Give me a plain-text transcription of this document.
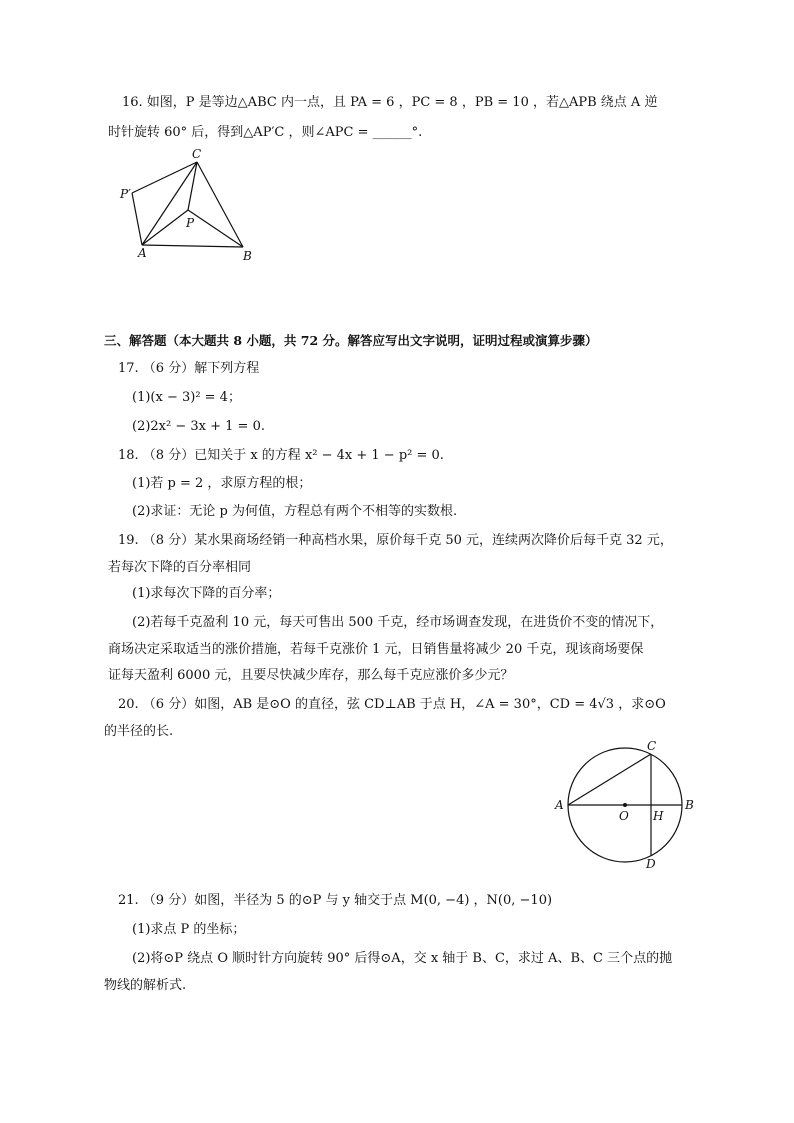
16. 如图，P 是等边△ABC 内一点，且 PA = 6 ，PC = 8 ，PB = 10 ，若△APB 绕点 A 逆
时针旋转 60° 后，得到△AP′C ，则∠APC = ______°.
C
P′
P
A	B
三、解答题（本大题共 8 小题，共 72 分。解答应写出文字说明，证明过程或演算步骤）
17. （6 分）解下列方程
(1)(x − 3)² = 4；
(2)2x² − 3x + 1 = 0.
18. （8 分）已知关于 x 的方程 x² − 4x + 1 − p² = 0.
(1)若 p = 2 ，求原方程的根；
(2)求证：无论 p 为何值，方程总有两个不相等的实数根.
19. （8 分）某水果商场经销一种高档水果，原价每千克 50 元，连续两次降价后每千克 32 元，
若每次下降的百分率相同
(1)求每次下降的百分率；
(2)若每千克盈利 10 元，每天可售出 500 千克，经市场调查发现，在进货价不变的情况下，
商场决定采取适当的涨价措施，若每千克涨价 1 元，日销售量将减少 20 千克，现该商场要保
证每天盈利 6000 元，且要尽快减少库存，那么每千克应涨价多少元？
20. （6 分）如图，AB 是⊙O 的直径，弦 CD⊥AB 于点 H，∠A = 30°，CD = 4√3 ，求⊙O
的半径的长.
C
A	B
O H
D
21. （9 分）如图，半径为 5 的⊙P 与 y 轴交于点 M(0, −4) ，N(0, −10)
(1)求点 P 的坐标；
(2)将⊙P 绕点 O 顺时针方向旋转 90° 后得⊙A，交 x 轴于 B、C，求过 A、B、C 三个点的抛
物线的解析式.
